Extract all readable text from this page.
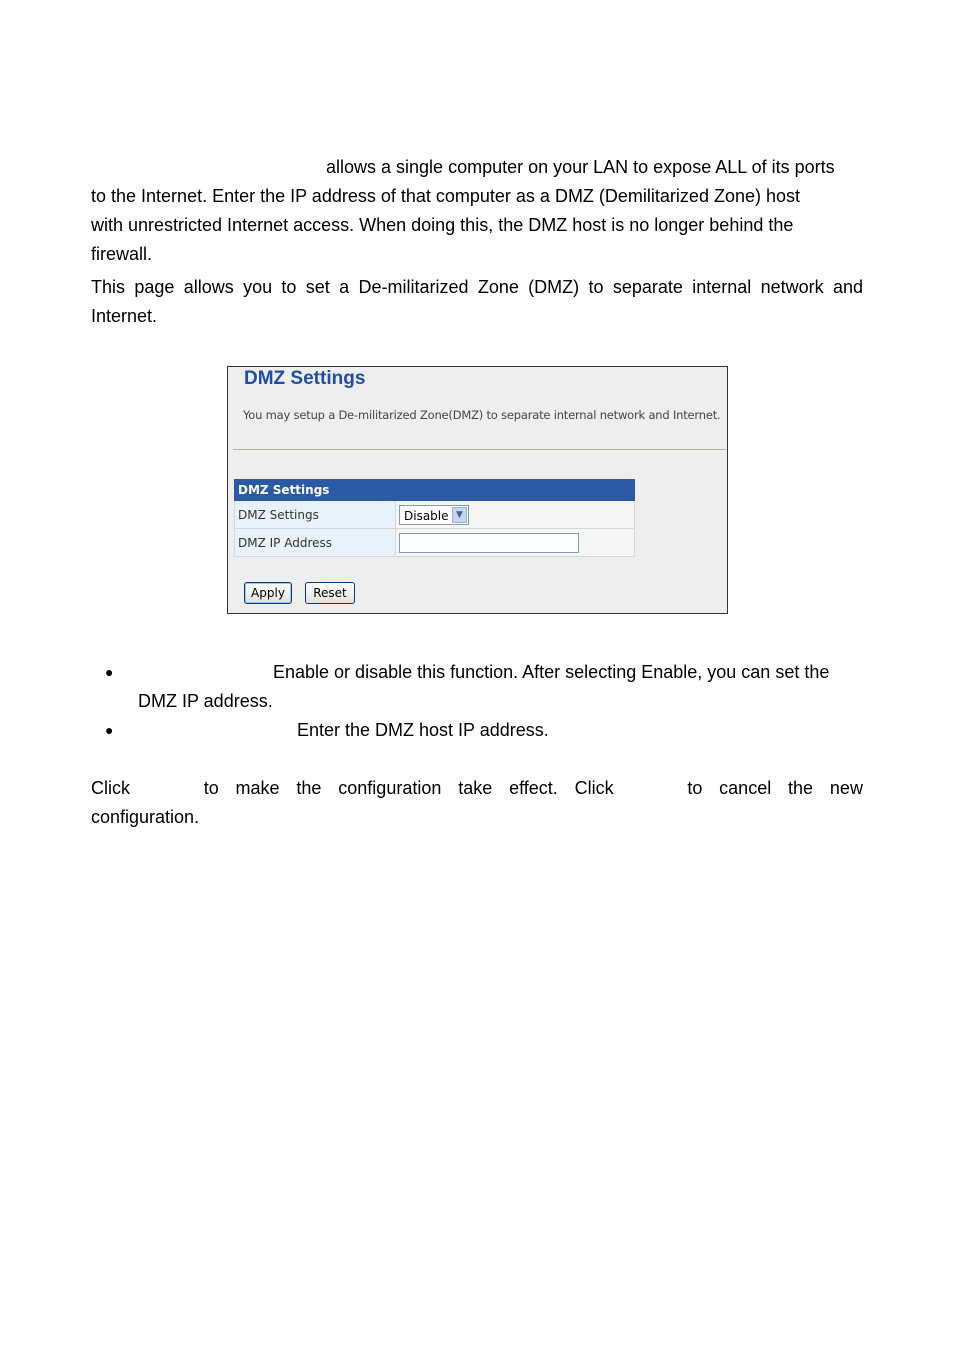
allows a single computer on your LAN to expose ALL of its ports
to the Internet. Enter the IP address of that computer as a DMZ (Demilitarized Zone) host
with unrestricted Internet access. When doing this, the DMZ host is no longer behind the
firewall.
This page allows you to set a De-militarized Zone (DMZ) to separate internal network and Internet.
DMZ Settings
You may setup a De-militarized Zone(DMZ) to separate internal network and Internet.
DMZ Settings	
DMZ Settings	Disable ▼

DMZ IP Address	
Apply	Reset
●	Enable or disable this function. After selecting Enable, you can set the
DMZ IP address.
●	Enter the DMZ host IP address.
Click	to make the configuration take effect. Click	to cancel the new
configuration.
